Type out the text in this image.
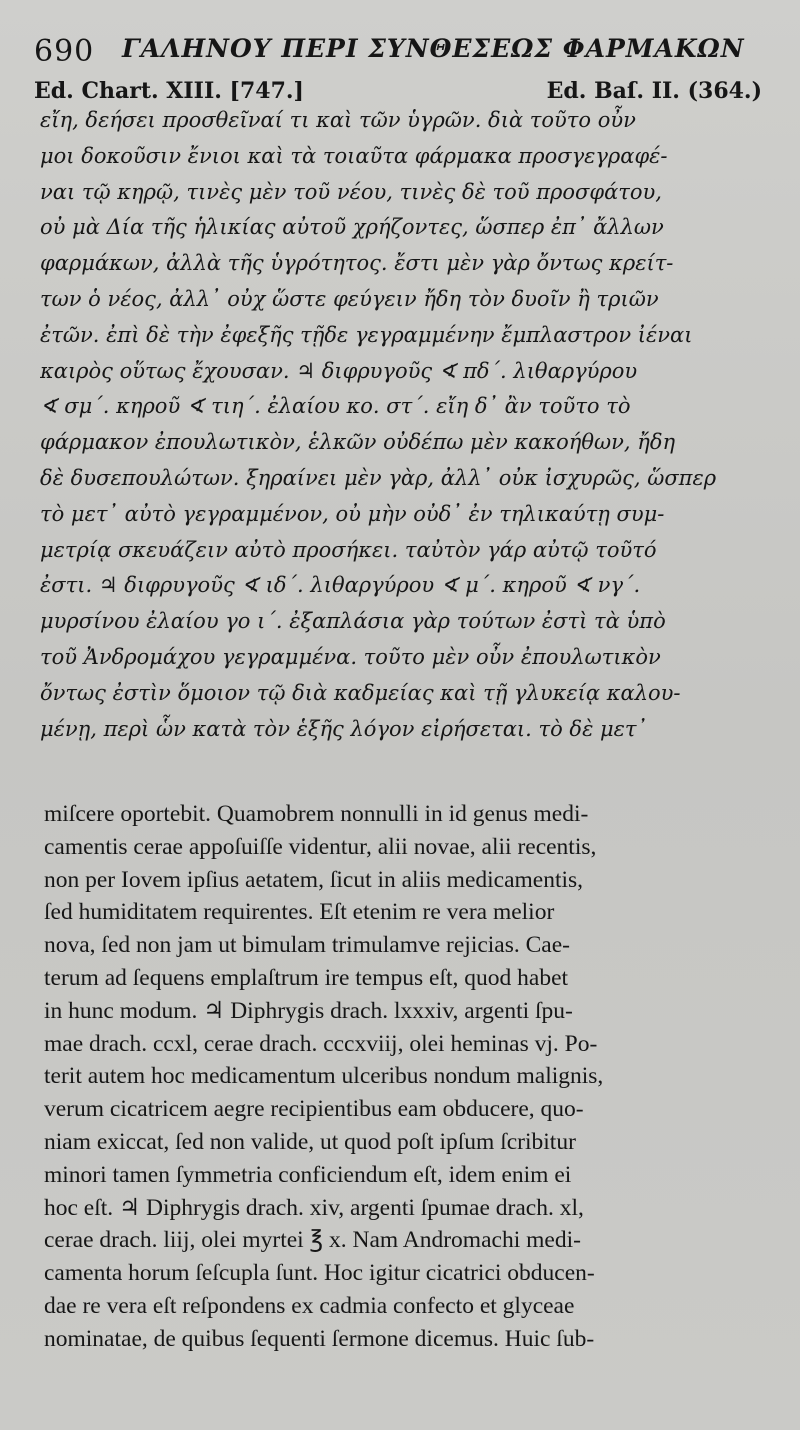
690 ΓΑΛΗΝΟΥ ΠΕΡΙ ΣΥΝΘΕΣΕΩΣ ΦΑΡΜΑΚΩΝ
Ed. Chart. XIII. [747.]	Ed. Baſ. II. (364.)
εἴη, δεήσει προσθεῖναί τι καὶ τῶν ὑγρῶν. διὰ τοῦτο οὖν
μοι δοκοῦσιν ἔνιοι καὶ τὰ τοιαῦτα φάρμακα προσγεγραφέ-
ναι τῷ κηρῷ, τινὲς μὲν τοῦ νέου, τινὲς δὲ τοῦ προσφάτου,
οὐ μὰ Δία τῆς ἡλικίας αὐτοῦ χρήζοντες, ὥσπερ ἐπ᾽ ἄλλων
φαρμάκων, ἀλλὰ τῆς ὑγρότητος. ἔστι μὲν γὰρ ὄντως κρείτ-
των ὁ νέος, ἀλλ᾽ οὐχ ὥστε φεύγειν ἤδη τὸν δυοῖν ἢ τριῶν
ἐτῶν. ἐπὶ δὲ τὴν ἐφεξῆς τῇδε γεγραμμένην ἔμπλαστρον ἰέναι
καιρὸς οὕτως ἔχουσαν. ♃ διφρυγοῦς ∢ πδ΄. λιθαργύρου
∢ σμ΄. κηροῦ ∢ τιη΄. ἐλαίου κο. στ΄. εἴη δ᾽ ἂν τοῦτο τὸ
φάρμακον ἐπουλωτικὸν, ἑλκῶν οὐδέπω μὲν κακοήθων, ἤδη
δὲ δυσεπουλώτων. ξηραίνει μὲν γὰρ, ἀλλ᾽ οὐκ ἰσχυρῶς, ὥσπερ
τὸ μετ᾽ αὐτὸ γεγραμμένον, οὐ μὴν οὐδ᾽ ἐν τηλικαύτῃ συμ-
μετρίᾳ σκευάζειν αὐτὸ προσήκει. ταὐτὸν γάρ αὐτῷ τοῦτό
ἐστι. ♃ διφρυγοῦς ∢ ιδ΄. λιθαργύρου ∢ μ΄. κηροῦ ∢ νγ΄.
μυρσίνου ἐλαίου γο ι΄. ἐξαπλάσια γὰρ τούτων ἐστὶ τὰ ὑπὸ
τοῦ Ἀνδρομάχου γεγραμμένα. τοῦτο μὲν οὖν ἐπουλωτικὸν
ὄντως ἐστὶν ὅμοιον τῷ διὰ καδμείας καὶ τῇ γλυκείᾳ καλου-
μένῃ, περὶ ὧν κατὰ τὸν ἑξῆς λόγον εἰρήσεται. τὸ δὲ μετ᾽
miſcere oportebit. Quamobrem nonnulli in id genus medi-
camentis cerae appoſuiſſe videntur, alii novae, alii recentis,
non per Iovem ipſius aetatem, ſicut in aliis medicamentis,
ſed humiditatem requirentes. Eſt etenim re vera melior
nova, ſed non jam ut bimulam trimulamve rejicias. Cae-
terum ad ſequens emplaſtrum ire tempus eſt, quod habet
in hunc modum. ♃ Diphrygis drach. lxxxiv, argenti ſpu-
mae drach. ccxl, cerae drach. cccxviij, olei heminas vj. Po-
terit autem hoc medicamentum ulceribus nondum malignis,
verum cicatricem aegre recipientibus eam obducere, quo-
niam exiccat, ſed non valide, ut quod poſt ipſum ſcribitur
minori tamen ſymmetria conficiendum eſt, idem enim ei
hoc eſt. ♃ Diphrygis drach. xiv, argenti ſpumae drach. xl,
cerae drach. liij, olei myrtei ℥ x. Nam Andromachi medi-
camenta horum ſeſcupla ſunt. Hoc igitur cicatrici obducen-
dae re vera eſt reſpondens ex cadmia confecto et glyceae
nominatae, de quibus ſequenti ſermone dicemus. Huic ſub-
